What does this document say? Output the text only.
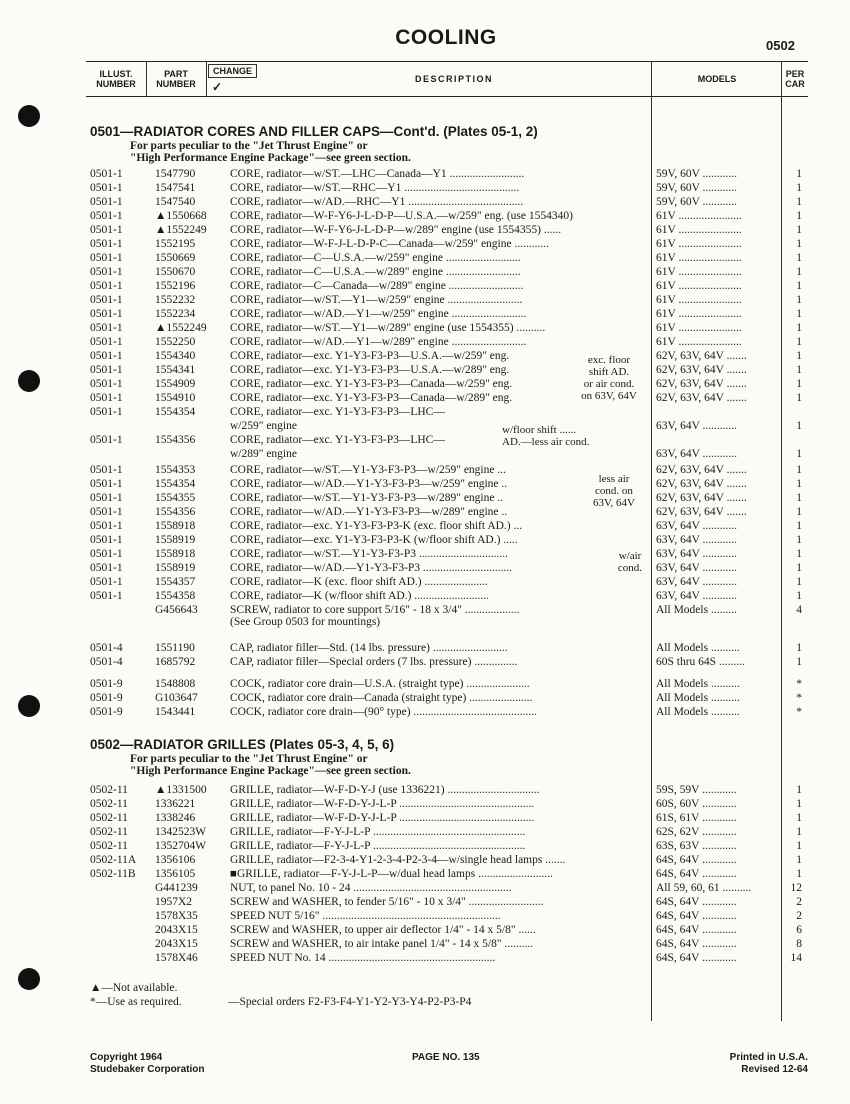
COOLING	0502
ILLUST. NUMBER
PART NUMBER
CHANGE
✓
DESCRIPTION	MODELS	PER CAR
0501—RADIATOR CORES AND FILLER CAPS—Cont'd. (Plates 05-1, 2)
For parts peculiar to the "Jet Thrust Engine" or
"High Performance Engine Package"—see green section.
0501-1	1547790	CORE, radiator—w/ST.—LHC—Canada—Y1 ..........................	59V, 60V ............	1
0501-1	1547541	CORE, radiator—w/ST.—RHC—Y1 ........................................	59V, 60V ............	1
0501-1	1547540	CORE, radiator—w/AD.—RHC—Y1 ........................................	59V, 60V ............	1
0501-1	▲1550668 CORE, radiator—W-F-Y6-J-L-D-P—U.S.A.—w/259" eng. (use 1554340)	61V ......................	1
0501-1	▲1552249 CORE, radiator—W-F-Y6-J-L-D-P—w/289" engine (use 1554355) ......	61V ......................	1
0501-1	1552195	CORE, radiator—W-F-J-L-D-P-C—Canada—w/259" engine ............	61V ......................	1
0501-1	1550669	CORE, radiator—C—U.S.A.—w/259" engine ..........................	61V ......................	1
0501-1	1550670	CORE, radiator—C—U.S.A.—w/289" engine ..........................	61V ......................	1
0501-1	1552196	CORE, radiator—C—Canada—w/289" engine ..........................	61V ......................	1
0501-1	1552232	CORE, radiator—w/ST.—Y1—w/259" engine ..........................	61V ......................	1
0501-1	1552234	CORE, radiator—w/AD.—Y1—w/259" engine ..........................	61V ......................	1
0501-1	▲1552249 CORE, radiator—w/ST.—Y1—w/289" engine (use 1554355) ..........	61V ......................	1
0501-1	1552250	CORE, radiator—w/AD.—Y1—w/289" engine ..........................	61V ......................	1
0501-1	1554340	CORE, radiator—exc. Y1-Y3-F3-P3—U.S.A.—w/259" eng.	62V, 63V, 64V .......	1
0501-1	1554341	CORE, radiator—exc. Y1-Y3-F3-P3—U.S.A.—w/289" eng.	62V, 63V, 64V .......	1
0501-1	1554909	CORE, radiator—exc. Y1-Y3-F3-P3—Canada—w/259" eng.	62V, 63V, 64V .......	1
0501-1	1554910	CORE, radiator—exc. Y1-Y3-F3-P3—Canada—w/289" eng.	62V, 63V, 64V .......	1
0501-1	1554354	CORE, radiator—exc. Y1-Y3-F3-P3—LHC—
w/259" engine	63V, 64V ............	1
0501-1	1554356	CORE, radiator—exc. Y1-Y3-F3-P3—LHC—
w/289" engine	63V, 64V ............	1
0501-1	1554353	CORE, radiator—w/ST.—Y1-Y3-F3-P3—w/259" engine ...	62V, 63V, 64V .......	1
0501-1	1554354	CORE, radiator—w/AD.—Y1-Y3-F3-P3—w/259" engine ..	62V, 63V, 64V .......	1
0501-1	1554355	CORE, radiator—w/ST.—Y1-Y3-F3-P3—w/289" engine ..	62V, 63V, 64V .......	1
0501-1	1554356	CORE, radiator—w/AD.—Y1-Y3-F3-P3—w/289" engine ..	62V, 63V, 64V .......	1
0501-1	1558918	CORE, radiator—exc. Y1-Y3-F3-P3-K (exc. floor shift AD.) ...	63V, 64V ............	1
0501-1	1558919	CORE, radiator—exc. Y1-Y3-F3-P3-K (w/floor shift AD.) .....	63V, 64V ............	1
0501-1	1558918	CORE, radiator—w/ST.—Y1-Y3-F3-P3 ...............................	63V, 64V ............	1
0501-1	1558919	CORE, radiator—w/AD.—Y1-Y3-F3-P3 ...............................	63V, 64V ............	1
0501-1	1554357	CORE, radiator—K (exc. floor shift AD.) ......................	63V, 64V ............	1
0501-1	1554358	CORE, radiator—K (w/floor shift AD.) ..........................	63V, 64V ............	1
G456643	SCREW, radiator to core support 5/16" - 18 x 3/4" ...................	All Models .........	4
(See Group 0503 for mountings)
0501-4	1551190	CAP, radiator filler—Std. (14 lbs. pressure) ..........................	All Models ..........	1
0501-4	1685792	CAP, radiator filler—Special orders (7 lbs. pressure) ...............	60S thru 64S .........	1
0501-9	1548808	COCK, radiator core drain—U.S.A. (straight type) ......................	All Models ..........	*
0501-9	G103647	COCK, radiator core drain—Canada (straight type) ......................	All Models ..........	*
0501-9	1543441	COCK, radiator core drain—(90° type) ...........................................	All Models ..........	*
exc. floor
shift AD.
or air cond.
on 63V, 64V
w/floor shift ......
AD.—less air cond.
less air
cond. on
63V, 64V
w/air
cond.
0502—RADIATOR GRILLES (Plates 05-3, 4, 5, 6)
For parts peculiar to the "Jet Thrust Engine" or
"High Performance Engine Package"—see green section.
0502-11 ▲1331500 GRILLE, radiator—W-F-D-Y-J (use 1336221) ................................	59S, 59V ............	1
0502-11 1336221	GRILLE, radiator—W-F-D-Y-J-L-P ...............................................	60S, 60V ............	1
0502-11 1338246	GRILLE, radiator—W-F-D-Y-J-L-P ...............................................	61S, 61V ............	1
0502-11 1342523W GRILLE, radiator—F-Y-J-L-P .....................................................	62S, 62V ............	1
0502-11 1352704W GRILLE, radiator—F-Y-J-L-P .....................................................	63S, 63V ............	1
0502-11A 1356106	GRILLE, radiator—F2-3-4-Y1-2-3-4-P2-3-4—w/single head lamps .......	64S, 64V ............	1
0502-11B 1356105	■GRILLE, radiator—F-Y-J-L-P—w/dual head lamps ..........................	64S, 64V ............	1
G441239	NUT, to panel No. 10 - 24 .......................................................	All 59, 60, 61 ..........	12
1957X2	SCREW and WASHER, to fender 5/16" - 10 x 3/4" ..........................	64S, 64V ............	2
1578X35	SPEED NUT 5/16" ..............................................................	64S, 64V ............	2
2043X15	SCREW and WASHER, to upper air deflector 1/4" - 14 x 5/8" ......	64S, 64V ............	6
2043X15	SCREW and WASHER, to air intake panel 1/4" - 14 x 5/8" ..........	64S, 64V ............	8
1578X46	SPEED NUT No. 14 ..........................................................	64S, 64V ............	14
▲—Not available.
*—Use as required.	—Special orders F2-F3-F4-Y1-Y2-Y3-Y4-P2-P3-P4
Copyright 1964
Studebaker Corporation
PAGE NO. 135	Printed in U.S.A.
Revised 12-64
